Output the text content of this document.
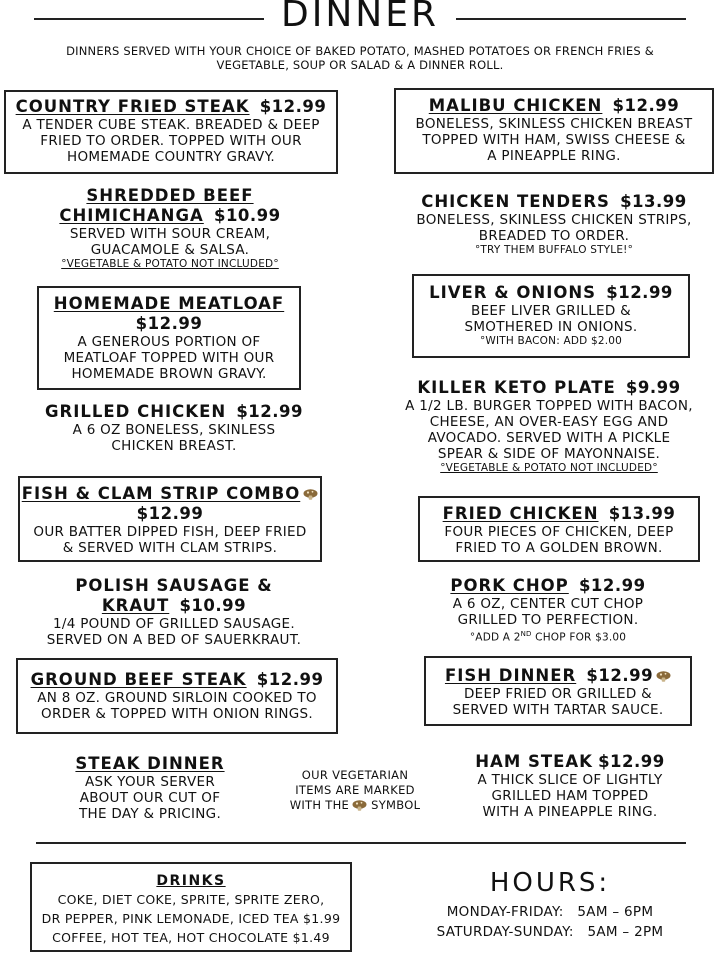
DINNER
DINNERS SERVED WITH YOUR CHOICE OF BAKED POTATO, MASHED POTATOES OR FRENCH FRIES &
VEGETABLE, SOUP OR SALAD & A DINNER ROLL.
COUNTRY FRIED STEAK $12.99
A TENDER CUBE STEAK. BREADED & DEEP
FRIED TO ORDER. TOPPED WITH OUR
HOMEMADE COUNTRY GRAVY.
MALIBU CHICKEN $12.99
BONELESS, SKINLESS CHICKEN BREAST
TOPPED WITH HAM, SWISS CHEESE &
A PINEAPPLE RING.
SHREDDED BEEF
CHIMICHANGA $10.99
SERVED WITH SOUR CREAM,
GUACAMOLE & SALSA.
°VEGETABLE & POTATO NOT INCLUDED°
CHICKEN TENDERS $13.99
BONELESS, SKINLESS CHICKEN STRIPS,
BREADED TO ORDER.
°TRY THEM BUFFALO STYLE!°
HOMEMADE MEATLOAF
$12.99
A GENEROUS PORTION OF
MEATLOAF TOPPED WITH OUR
HOMEMADE BROWN GRAVY.
LIVER & ONIONS $12.99
BEEF LIVER GRILLED &
SMOTHERED IN ONIONS.
°WITH BACON: ADD $2.00
GRILLED CHICKEN $12.99
A 6 OZ BONELESS, SKINLESS
CHICKEN BREAST.
KILLER KETO PLATE $9.99
A 1/2 LB. BURGER TOPPED WITH BACON,
CHEESE, AN OVER-EASY EGG AND
AVOCADO. SERVED WITH A PICKLE
SPEAR & SIDE OF MAYONNAISE.
°VEGETABLE & POTATO NOT INCLUDED°
FISH & CLAM STRIP COMBO
$12.99
OUR BATTER DIPPED FISH, DEEP FRIED
& SERVED WITH CLAM STRIPS.
FRIED CHICKEN $13.99
FOUR PIECES OF CHICKEN, DEEP
FRIED TO A GOLDEN BROWN.
POLISH SAUSAGE &
KRAUT $10.99
1/4 POUND OF GRILLED SAUSAGE.
SERVED ON A BED OF SAUERKRAUT.
PORK CHOP $12.99
A 6 OZ, CENTER CUT CHOP
GRILLED TO PERFECTION.
°ADD A 2ND CHOP FOR $3.00
GROUND BEEF STEAK $12.99
AN 8 OZ. GROUND SIRLOIN COOKED TO
ORDER & TOPPED WITH ONION RINGS.
FISH DINNER $12.99
DEEP FRIED OR GRILLED &
SERVED WITH TARTAR SAUCE.
STEAK DINNER
ASK YOUR SERVER
ABOUT OUR CUT OF
THE DAY & PRICING.
OUR VEGETARIAN
ITEMS ARE MARKED
WITH THE SYMBOL
HAM STEAK $12.99
A THICK SLICE OF LIGHTLY
GRILLED HAM TOPPED
WITH A PINEAPPLE RING.
DRINKS
COKE, DIET COKE, SPRITE, SPRITE ZERO,
DR PEPPER, PINK LEMONADE, ICED TEA $1.99
COFFEE, HOT TEA, HOT CHOCOLATE $1.49
HOURS:
MONDAY-FRIDAY:   5AM – 6PM
SATURDAY-SUNDAY:   5AM – 2PM
